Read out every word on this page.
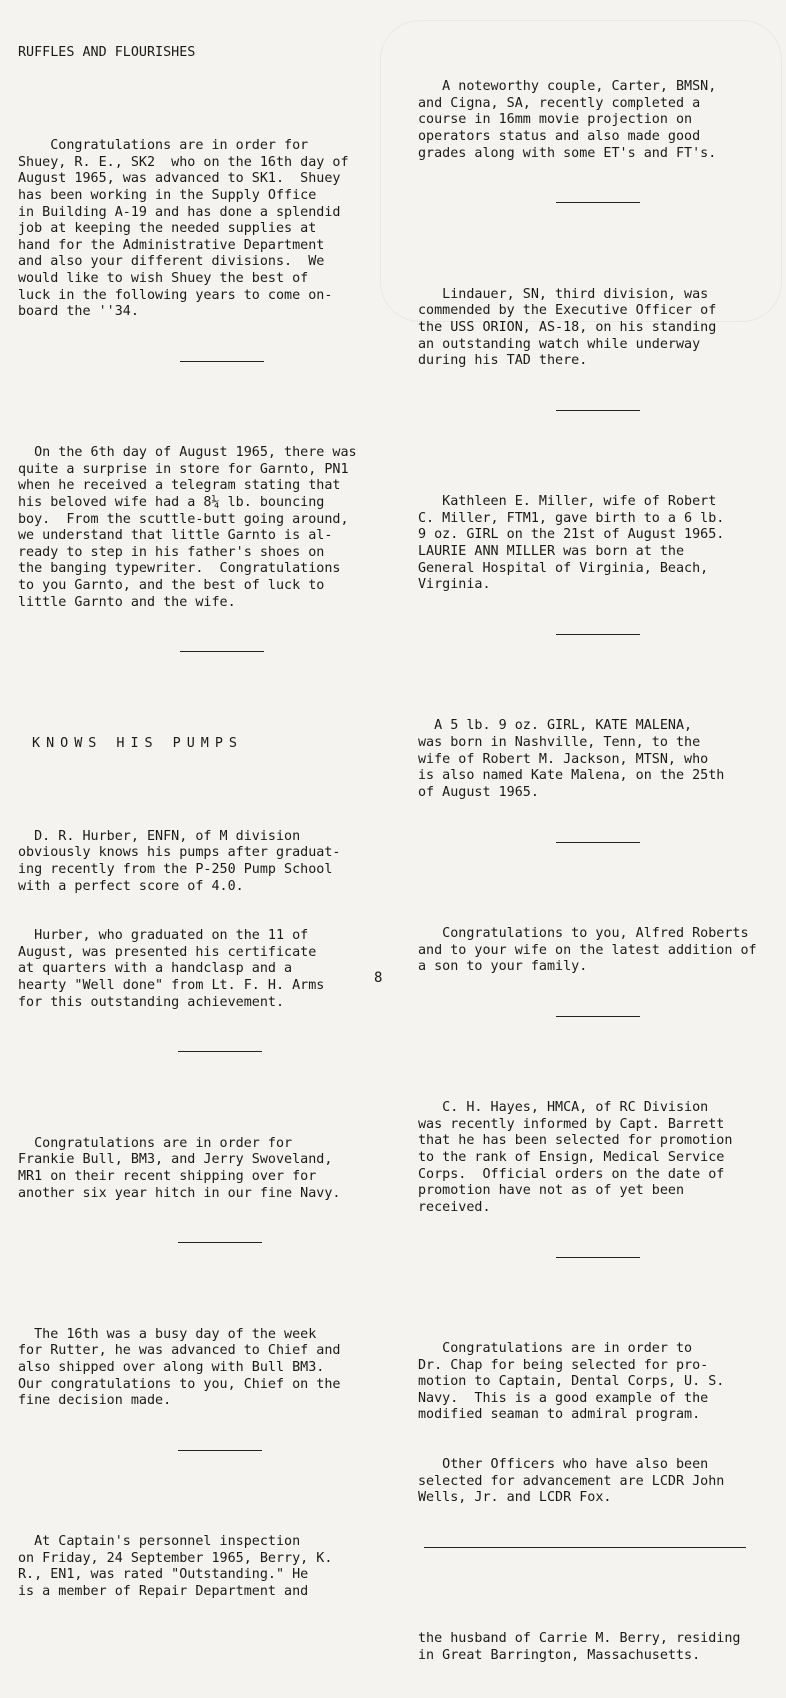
RUFFLES AND FLOURISHES

Congratulations are in order for
Shuey, R. E., SK2  who on the 16th day of
August 1965, was advanced to SK1.  Shuey
has been working in the Supply Office
in Building A-19 and has done a splendid
job at keeping the needed supplies at
hand for the Administrative Department
and also your different divisions.  We
would like to wish Shuey the best of
luck in the following years to come on-
board the ''34.

On the 6th day of August 1965, there was
quite a surprise in store for Garnto, PN1
when he received a telegram stating that
his beloved wife had a 8¼ lb. bouncing
boy.  From the scuttle-butt going around,
we understand that little Garnto is al-
ready to step in his father's shoes on
the banging typewriter.  Congratulations
to you Garnto, and the best of luck to
little Garnto and the wife.

KNOWS HIS PUMPS

D. R. Hurber, ENFN, of M division
obviously knows his pumps after graduat-
ing recently from the P-250 Pump School
with a perfect score of 4.0.

Hurber, who graduated on the 11 of
August, was presented his certificate
at quarters with a handclasp and a
hearty "Well done" from Lt. F. H. Arms
for this outstanding achievement.

Congratulations are in order for
Frankie Bull, BM3, and Jerry Swoveland,
MR1 on their recent shipping over for
another six year hitch in our fine Navy.

The 16th was a busy day of the week
for Rutter, he was advanced to Chief and
also shipped over along with Bull BM3.
Our congratulations to you, Chief on the
fine decision made.

At Captain's personnel inspection
on Friday, 24 September 1965, Berry, K.
R., EN1, was rated "Outstanding." He
is a member of Repair Department and

A noteworthy couple, Carter, BMSN,
and Cigna, SA, recently completed a
course in 16mm movie projection on
operators status and also made good
grades along with some ET's and FT's.

Lindauer, SN, third division, was
commended by the Executive Officer of
the USS ORION, AS-18, on his standing
an outstanding watch while underway
during his TAD there.

Kathleen E. Miller, wife of Robert
C. Miller, FTM1, gave birth to a 6 lb.
9 oz. GIRL on the 21st of August 1965.
LAURIE ANN MILLER was born at the
General Hospital of Virginia, Beach,
Virginia.

A 5 lb. 9 oz. GIRL, KATE MALENA,
was born in Nashville, Tenn, to the
wife of Robert M. Jackson, MTSN, who
is also named Kate Malena, on the 25th
of August 1965.

Congratulations to you, Alfred Roberts
and to your wife on the latest addition of
a son to your family.

C. H. Hayes, HMCA, of RC Division
was recently informed by Capt. Barrett
that he has been selected for promotion
to the rank of Ensign, Medical Service
Corps.  Official orders on the date of
promotion have not as of yet been
received.

Congratulations are in order to
Dr. Chap for being selected for pro-
motion to Captain, Dental Corps, U. S.
Navy.  This is a good example of the
modified seaman to admiral program.

Other Officers who have also been
selected for advancement are LCDR John
Wells, Jr. and LCDR Fox.

the husband of Carrie M. Berry, residing
in Great Barrington, Massachusetts.

8
